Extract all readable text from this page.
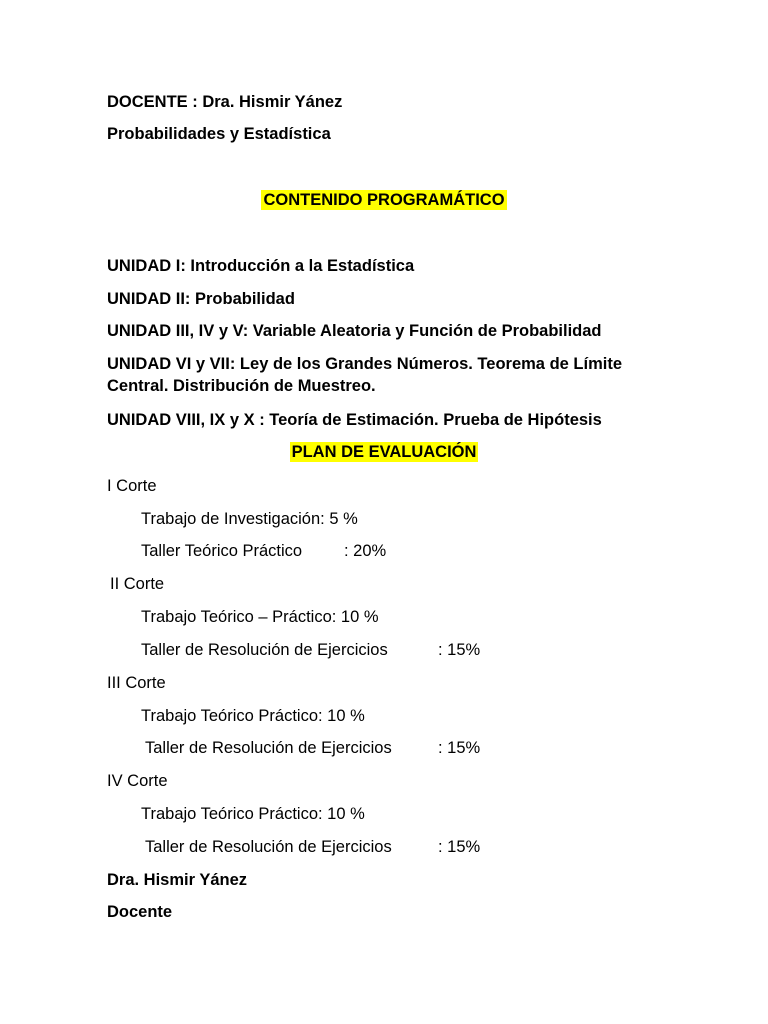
DOCENTE : Dra. Hismir Yánez

Probabilidades y Estadística

CONTENIDO PROGRAMÁTICO

UNIDAD I: Introducción a la Estadística

UNIDAD II: Probabilidad

UNIDAD III, IV y V: Variable Aleatoria y Función de Probabilidad

UNIDAD VI y VII: Ley de los Grandes Números. Teorema de Límite Central. Distribución de Muestreo.

UNIDAD VIII, IX y X : Teoría de Estimación. Prueba de Hipótesis

PLAN DE EVALUACIÓN

I Corte

Trabajo de Investigación: 5 %

Taller Teórico Práctico	: 20%

II Corte

Trabajo Teórico – Práctico: 10 %

Taller de Resolución de Ejercicios	: 15%

III Corte

Trabajo Teórico Práctico: 10 %

Taller de Resolución de Ejercicios	: 15%

IV Corte

Trabajo Teórico Práctico: 10 %

Taller de Resolución de Ejercicios	: 15%

Dra. Hismir Yánez

Docente
